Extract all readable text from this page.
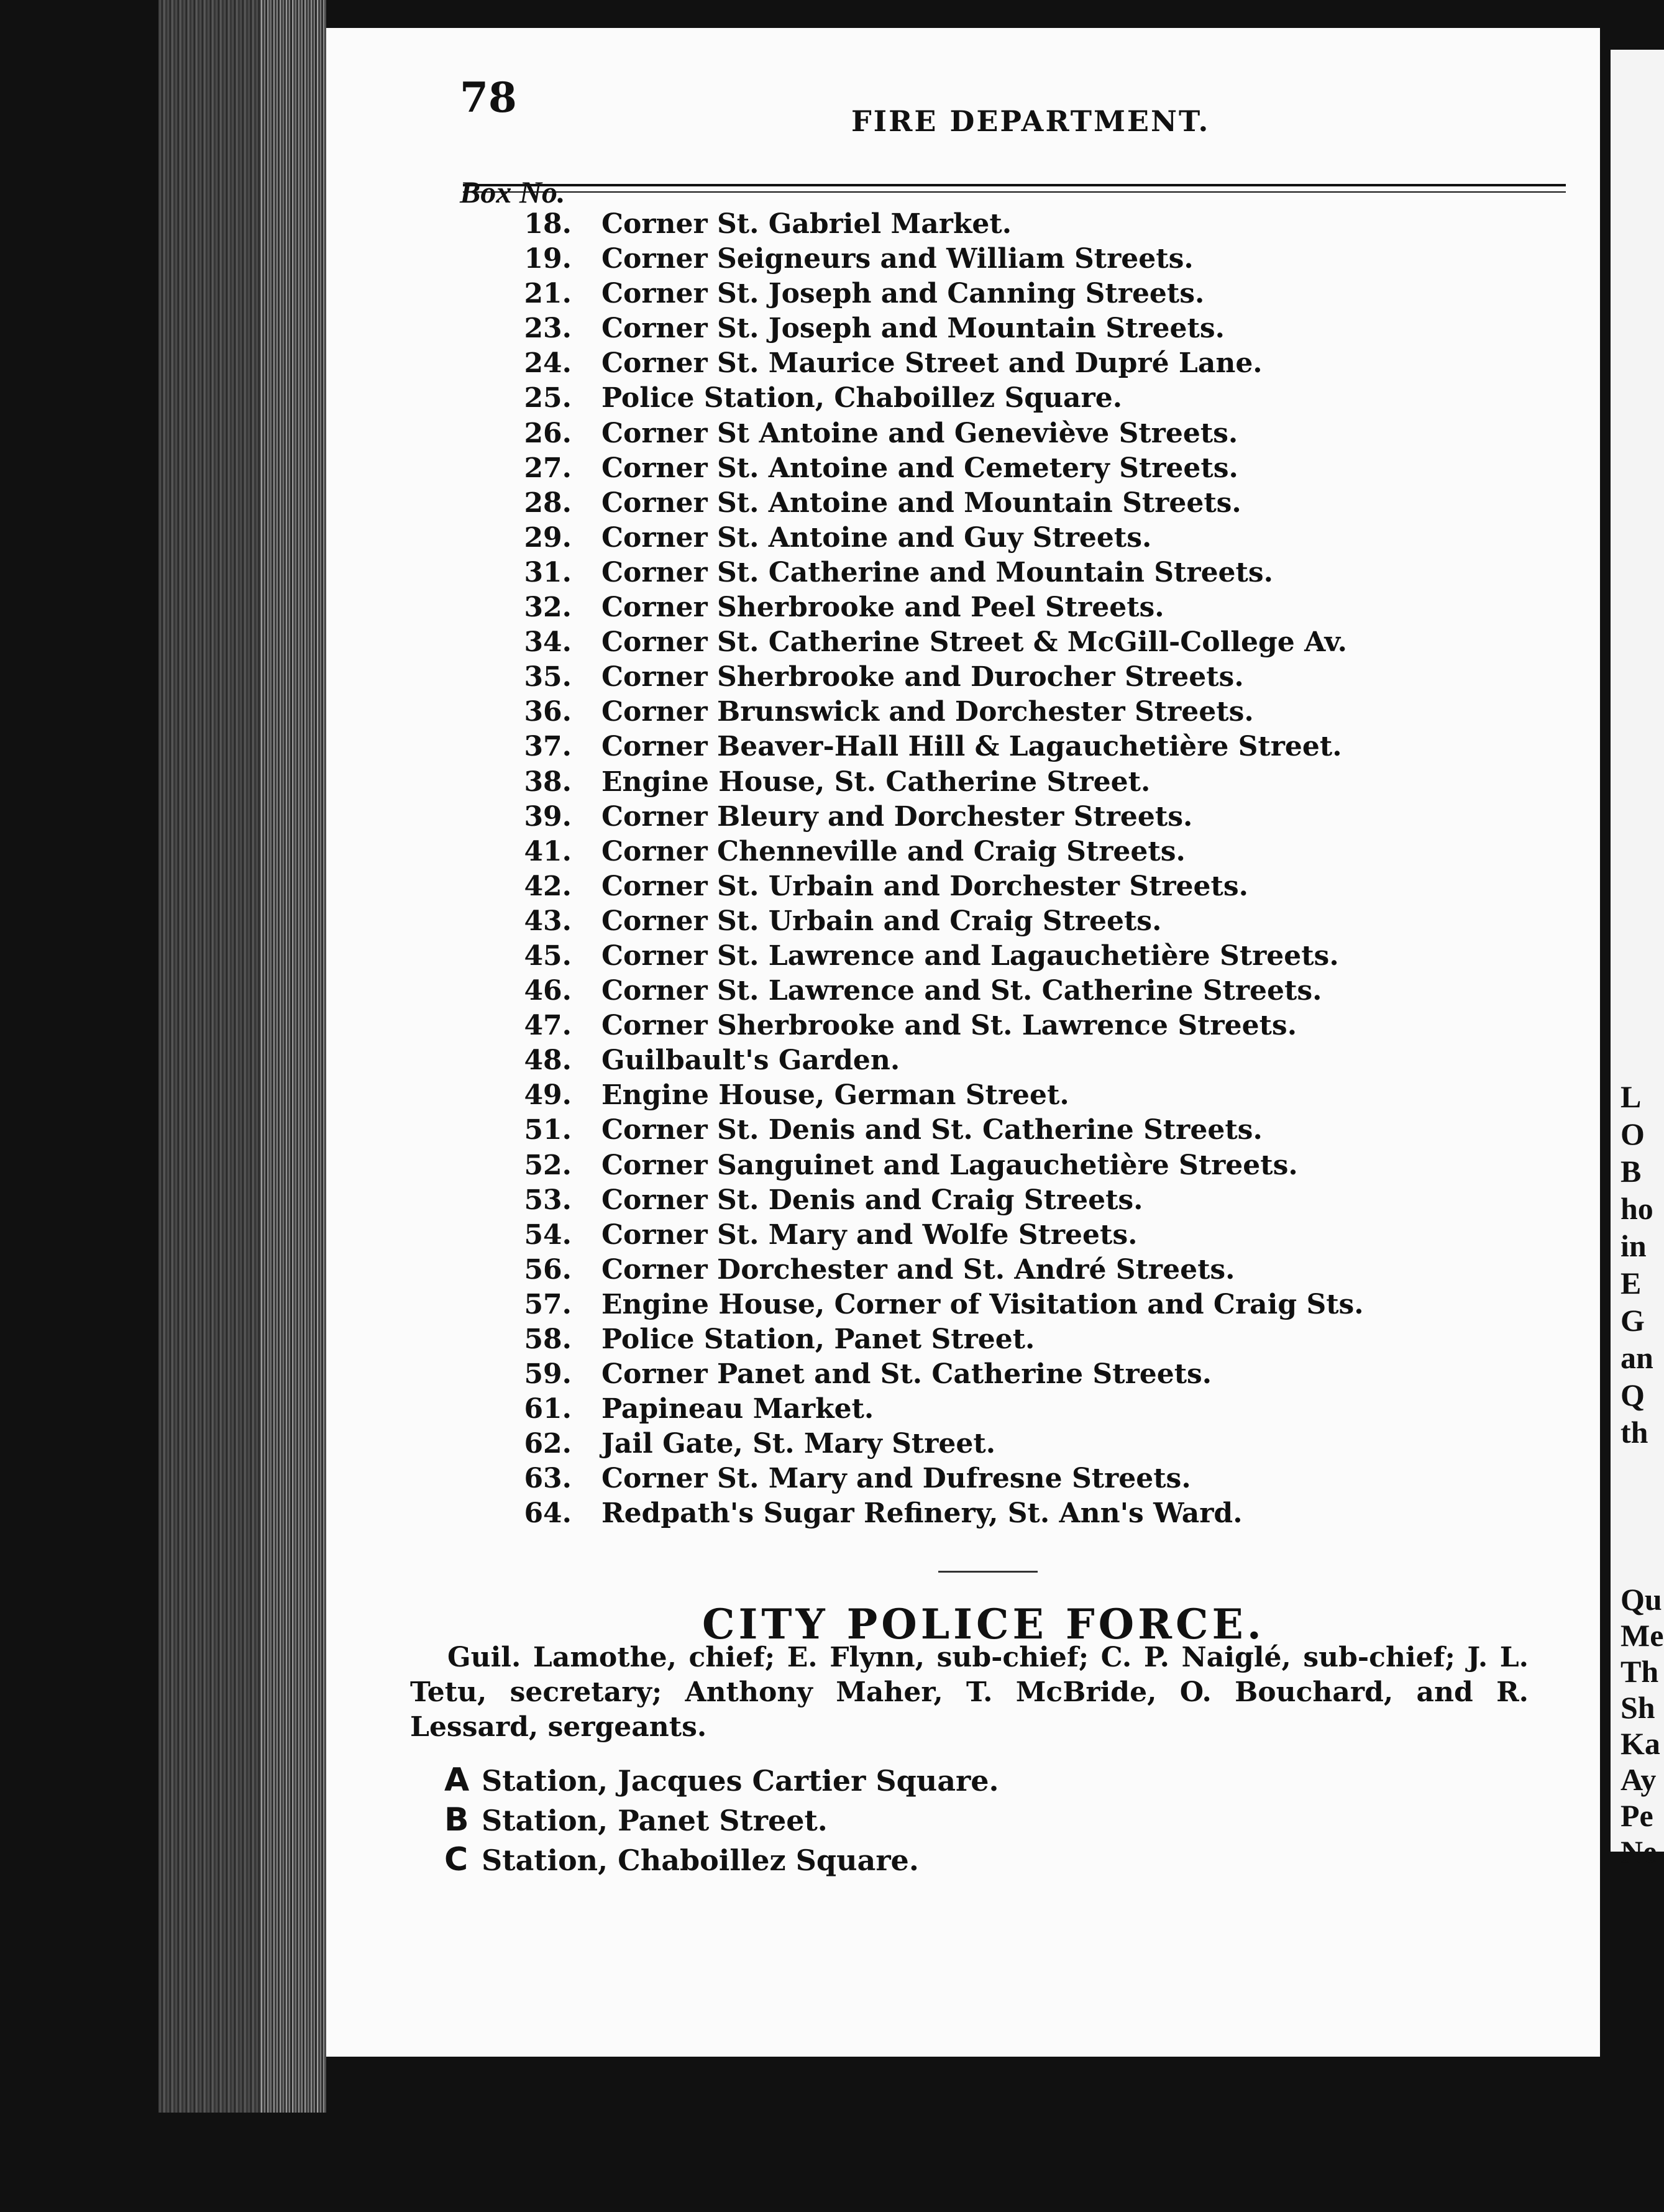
L
O
B
ho
in
E
G
an
Q
th
Qu
Me
Th
Sh
Ka
Ay
Pe
Ne
78	FIRE DEPARTMENT.
Box No.
18.	Corner St. Gabriel Market.
19.	Corner Seigneurs and William Streets.
21.	Corner St. Joseph and Canning Streets.
23.	Corner St. Joseph and Mountain Streets.
24.	Corner St. Maurice Street and Dupré Lane.
25.	Police Station, Chaboillez Square.
26.	Corner St Antoine and Geneviève Streets.
27.	Corner St. Antoine and Cemetery Streets.
28.	Corner St. Antoine and Mountain Streets.
29.	Corner St. Antoine and Guy Streets.
31.	Corner St. Catherine and Mountain Streets.
32.	Corner Sherbrooke and Peel Streets.
34.	Corner St. Catherine Street & McGill-College Av.
35.	Corner Sherbrooke and Durocher Streets.
36.	Corner Brunswick and Dorchester Streets.
37.	Corner Beaver-Hall Hill & Lagauchetière Street.
38.	Engine House, St. Catherine Street.
39.	Corner Bleury and Dorchester Streets.
41.	Corner Chenneville and Craig Streets.
42.	Corner St. Urbain and Dorchester Streets.
43.	Corner St. Urbain and Craig Streets.
45.	Corner St. Lawrence and Lagauchetière Streets.
46.	Corner St. Lawrence and St. Catherine Streets.
47.	Corner Sherbrooke and St. Lawrence Streets.
48.	Guilbault's Garden.
49.	Engine House, German Street.
51.	Corner St. Denis and St. Catherine Streets.
52.	Corner Sanguinet and Lagauchetière Streets.
53.	Corner St. Denis and Craig Streets.
54.	Corner St. Mary and Wolfe Streets.
56.	Corner Dorchester and St. André Streets.
57.	Engine House, Corner of Visitation and Craig Sts.
58.	Police Station, Panet Street.
59.	Corner Panet and St. Catherine Streets.
61.	Papineau Market.
62.	Jail Gate, St. Mary Street.
63.	Corner St. Mary and Dufresne Streets.
64.	Redpath's Sugar Refinery, St. Ann's Ward.
CITY POLICE FORCE.
Guil. Lamothe, chief; E. Flynn, sub-chief; C. P. Naiglé, sub-chief; J. L. Tetu, secretary; Anthony Maher, T. McBride, O. Bouchard, and R. Lessard, sergeants.
A Station, Jacques Cartier Square.
B Station, Panet Street.
C Station, Chaboillez Square.
